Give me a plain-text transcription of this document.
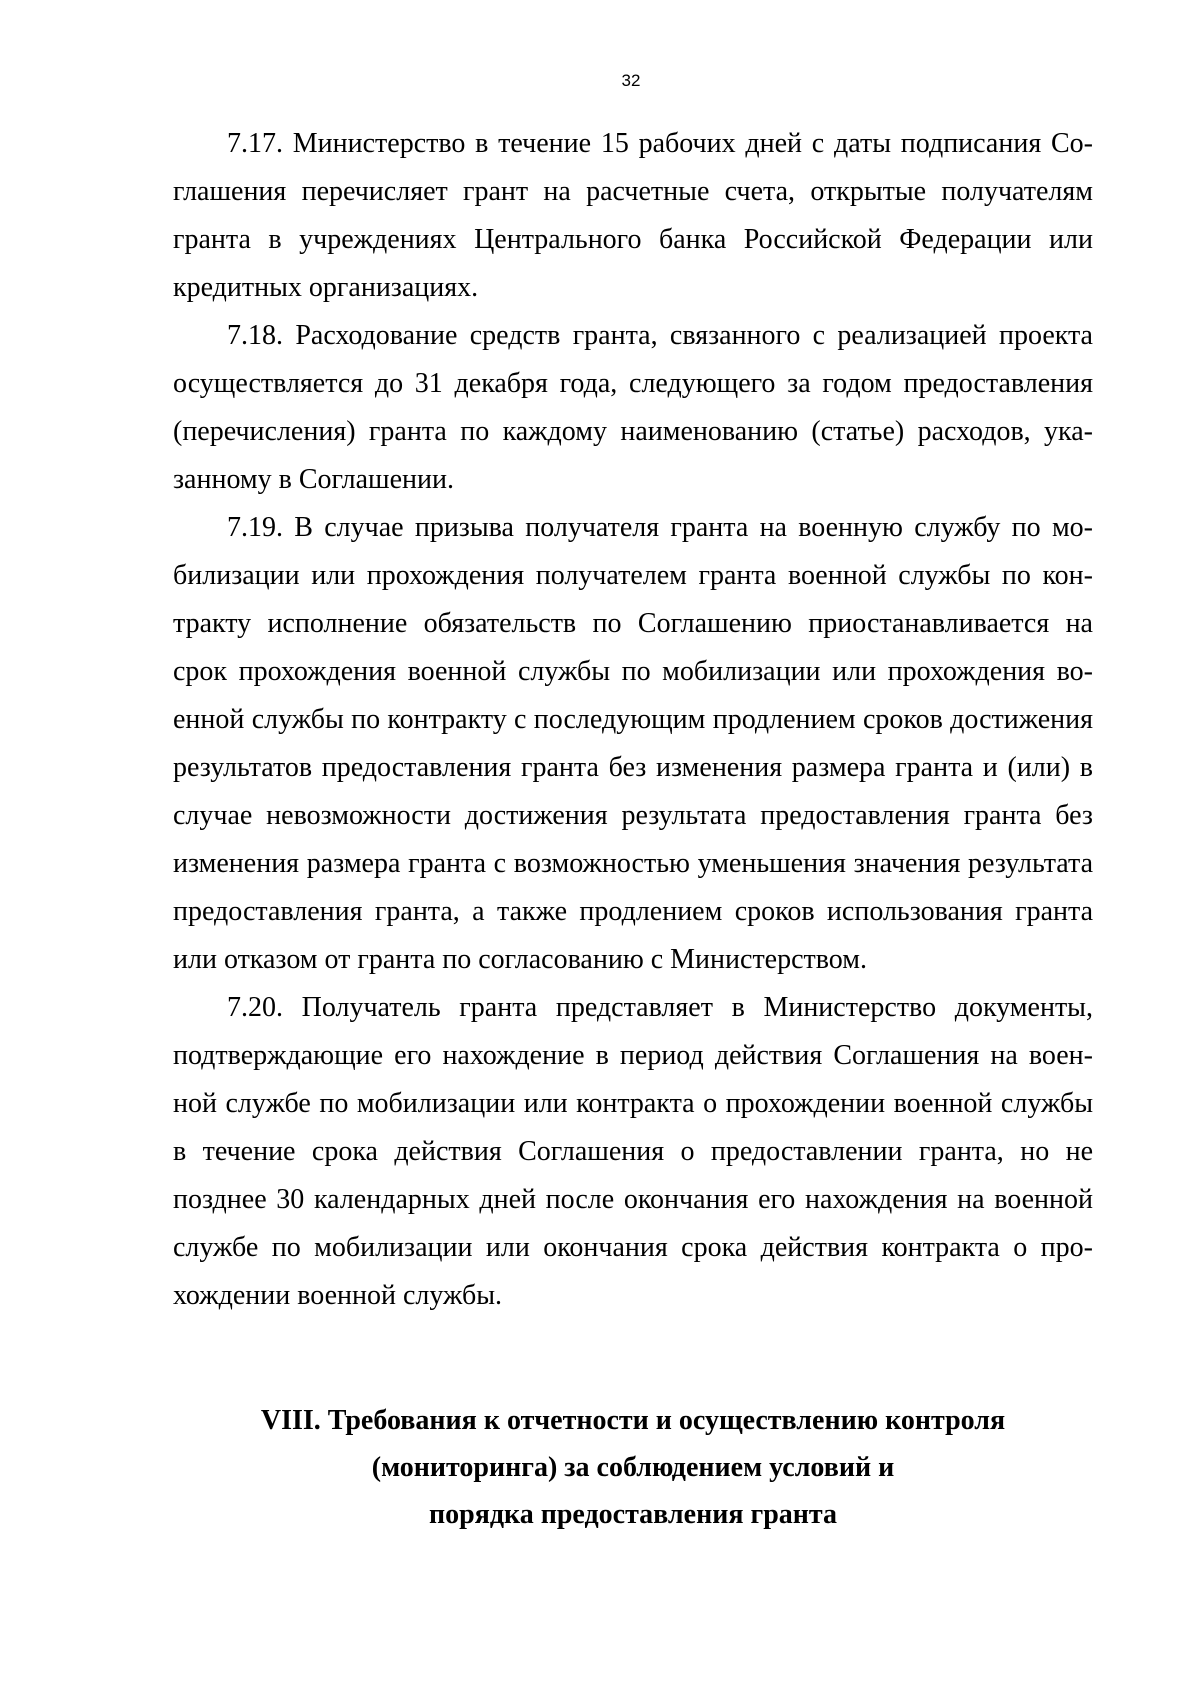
32

7.17. Министерство в течение 15 рабочих дней с даты подписания Соглашения перечисляет грант на расчетные счета, открытые получателям гранта в учреждениях Центрального банка Российской Федерации или кредитных организациях.

7.18. Расходование средств гранта, связанного с реализацией проекта осуществляется до 31 декабря года, следующего за годом предоставления (перечисления) гранта по каждому наименованию (статье) расходов, указанному в Соглашении.

7.19. В случае призыва получателя гранта на военную службу по мобилизации или прохождения получателем гранта военной службы по контракту исполнение обязательств по Соглашению приостанавливается на срок прохождения военной службы по мобилизации или прохождения военной службы по контракту с последующим продлением сроков достижения результатов предоставления гранта без изменения размера гранта и (или) в случае невозможности достижения результата предоставления гранта без изменения размера гранта с возможностью уменьшения значения результата предоставления гранта, а также продлением сроков использования гранта или отказом от гранта по согласованию с Министерством.

7.20. Получатель гранта представляет в Министерство документы, подтверждающие его нахождение в период действия Соглашения на военной службе по мобилизации или контракта о прохождении военной службы в течение срока действия Соглашения о предоставлении гранта, но не позднее 30 календарных дней после окончания его нахождения на военной службе по мобилизации или окончания срока действия контракта о прохождении военной службы.

VIII. Требования к отчетности и осуществлению контроля
(мониторинга) за соблюдением условий и
порядка предоставления гранта
